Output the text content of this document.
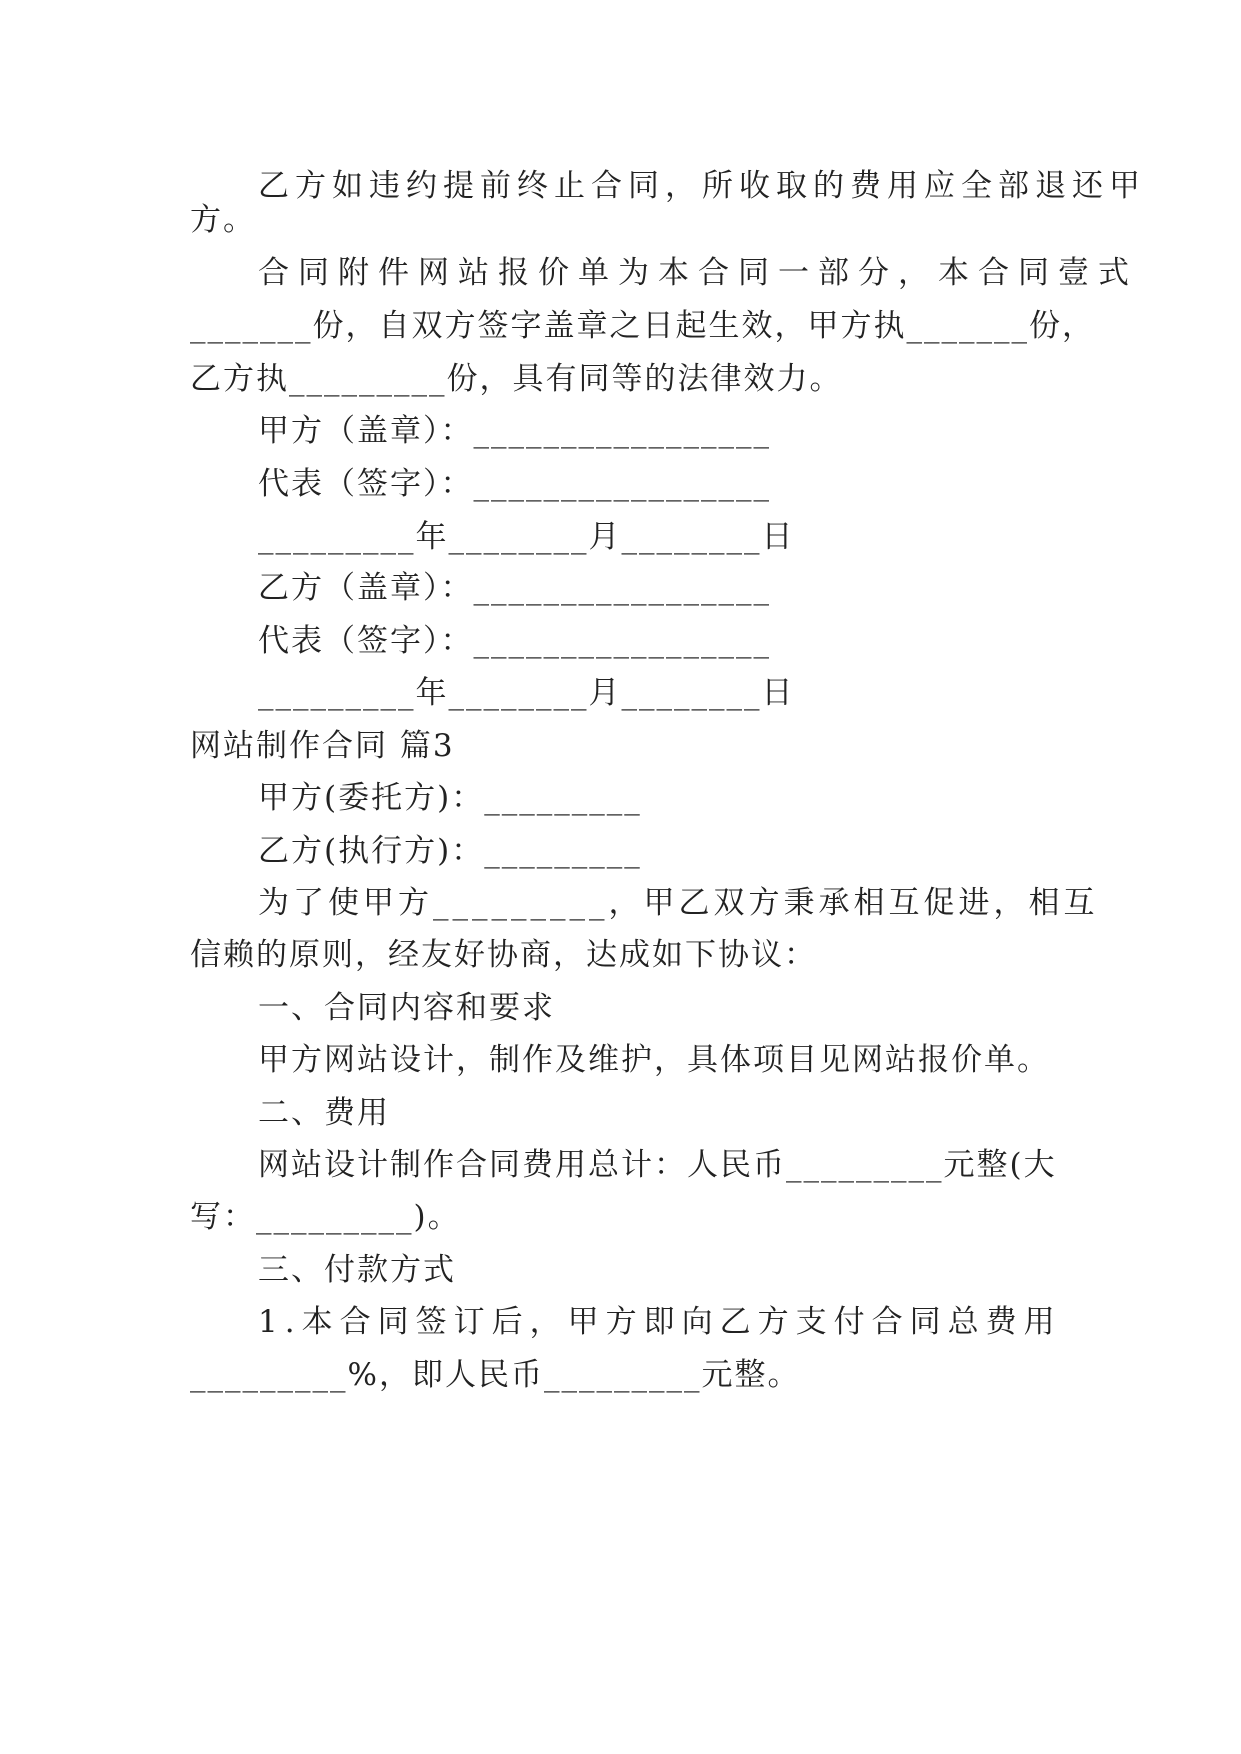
乙方如违约提前终止合同，所收取的费用应全部退还甲
方。
合同附件网站报价单为本合同一部分，本合同壹式
_______份，自双方签字盖章之日起生效，甲方执_______份，
乙方执_________份，具有同等的法律效力。
甲方（盖章）：_________________
代表（签字）：_________________
_________年________月________日
乙方（盖章）：_________________
代表（签字）：_________________
_________年________月________日
网站制作合同 篇3
甲方(委托方)：_________
乙方(执行方)：_________
为了使甲方_________，甲乙双方秉承相互促进，相互
信赖的原则，经友好协商，达成如下协议：
一、合同内容和要求
甲方网站设计，制作及维护，具体项目见网站报价单。
二、费用
网站设计制作合同费用总计：人民币_________元整(大
写：_________)。
三、付款方式
1.本合同签订后，甲方即向乙方支付合同总费用
_________%，即人民币_________元整。
